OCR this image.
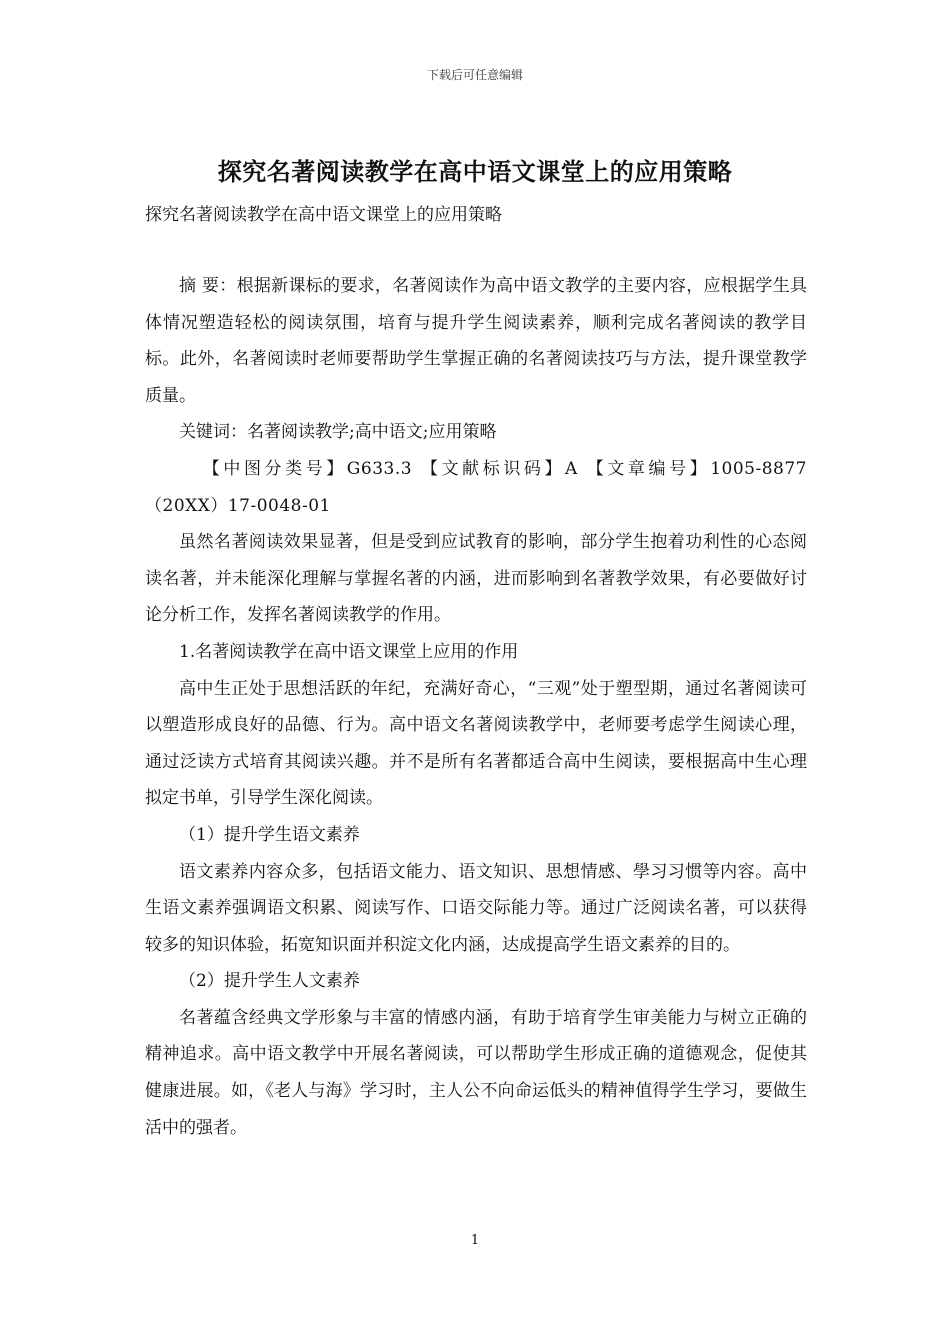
下载后可任意编辑
探究名著阅读教学在高中语文课堂上的应用策略
探究名著阅读教学在高中语文课堂上的应用策略

摘 要：根据新课标的要求，名著阅读作为高中语文教学的主要内容，应根据学生具体情况塑造轻松的阅读氛围，培育与提升学生阅读素养，顺利完成名著阅读的教学目标。此外，名著阅读时老师要帮助学生掌握正确的名著阅读技巧与方法，提升课堂教学质量。

关键词：名著阅读教学;高中语文;应用策略

【中图分类号】G633.3 【文献标识码】A 【文章编号】1005-8877（20XX）17-0048-01

虽然名著阅读效果显著，但是受到应试教育的影响，部分学生抱着功利性的心态阅读名著，并未能深化理解与掌握名著的内涵，进而影响到名著教学效果，有必要做好讨论分析工作，发挥名著阅读教学的作用。

1.名著阅读教学在高中语文课堂上应用的作用

高中生正处于思想活跃的年纪，充满好奇心，“三观”处于塑型期，通过名著阅读可以塑造形成良好的品德、行为。高中语文名著阅读教学中，老师要考虑学生阅读心理，通过泛读方式培育其阅读兴趣。并不是所有名著都适合高中生阅读，要根据高中生心理拟定书单，引导学生深化阅读。

（1）提升学生语文素养

语文素养内容众多，包括语文能力、语文知识、思想情感、學习习惯等内容。高中生语文素养强调语文积累、阅读写作、口语交际能力等。通过广泛阅读名著，可以获得较多的知识体验，拓宽知识面并积淀文化内涵，达成提高学生语文素养的目的。

（2）提升学生人文素养

名著蕴含经典文学形象与丰富的情感内涵，有助于培育学生审美能力与树立正确的精神追求。高中语文教学中开展名著阅读，可以帮助学生形成正确的道德观念，促使其健康进展。如，《老人与海》学习时，主人公不向命运低头的精神值得学生学习，要做生活中的强者。

1
